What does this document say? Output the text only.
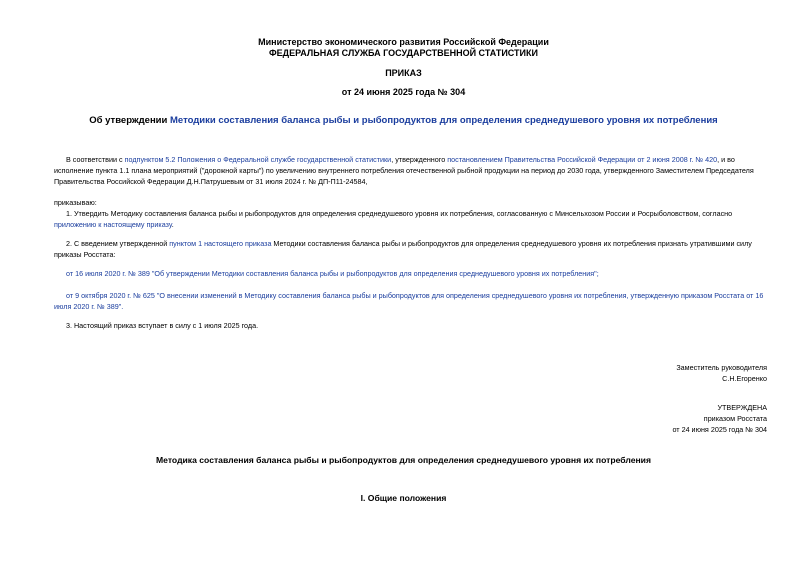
Министерство экономического развития Российской Федерации
ФЕДЕРАЛЬНАЯ СЛУЖБА ГОСУДАРСТВЕННОЙ СТАТИСТИКИ
ПРИКАЗ
от 24 июня 2025 года № 304
Об утверждении Методики составления баланса рыбы и рыбопродуктов для определения среднедушевого уровня их потребления
В соответствии с подпунктом 5.2 Положения о Федеральной службе государственной статистики, утвержденного постановлением Правительства Российской Федерации от 2 июня 2008 г. № 420, и во исполнение пункта 1.1 плана мероприятий ("дорожной карты") по увеличению внутреннего потребления отечественной рыбной продукции на период до 2030 года, утвержденного Заместителем Председателя Правительства Российской Федерации Д.Н.Патрушевым от 31 июля 2024 г. № ДП-П11-24584,
приказываю:
1. Утвердить Методику составления баланса рыбы и рыбопродуктов для определения среднедушевого уровня их потребления, согласованную с Минсельхозом России и Росрыболовством, согласно приложению к настоящему приказу.
2. С введением утвержденной пунктом 1 настоящего приказа Методики составления баланса рыбы и рыбопродуктов для определения среднедушевого уровня их потребления признать утратившими силу приказы Росстата:
от 16 июля 2020 г. № 389 "Об утверждении Методики составления баланса рыбы и рыбопродуктов для определения среднедушевого уровня их потребления";
от 9 октября 2020 г. № 625 "О внесении изменений в Методику составления баланса рыбы и рыбопродуктов для определения среднедушевого уровня их потребления, утвержденную приказом Росстата от 16 июля 2020 г. № 389".
3. Настоящий приказ вступает в силу с 1 июля 2025 года.
Заместитель руководителя
С.Н.Егоренко
УТВЕРЖДЕНА
приказом Росстата
от 24 июня 2025 года № 304
Методика составления баланса рыбы и рыбопродуктов для определения среднедушевого уровня их потребления
I. Общие положения
